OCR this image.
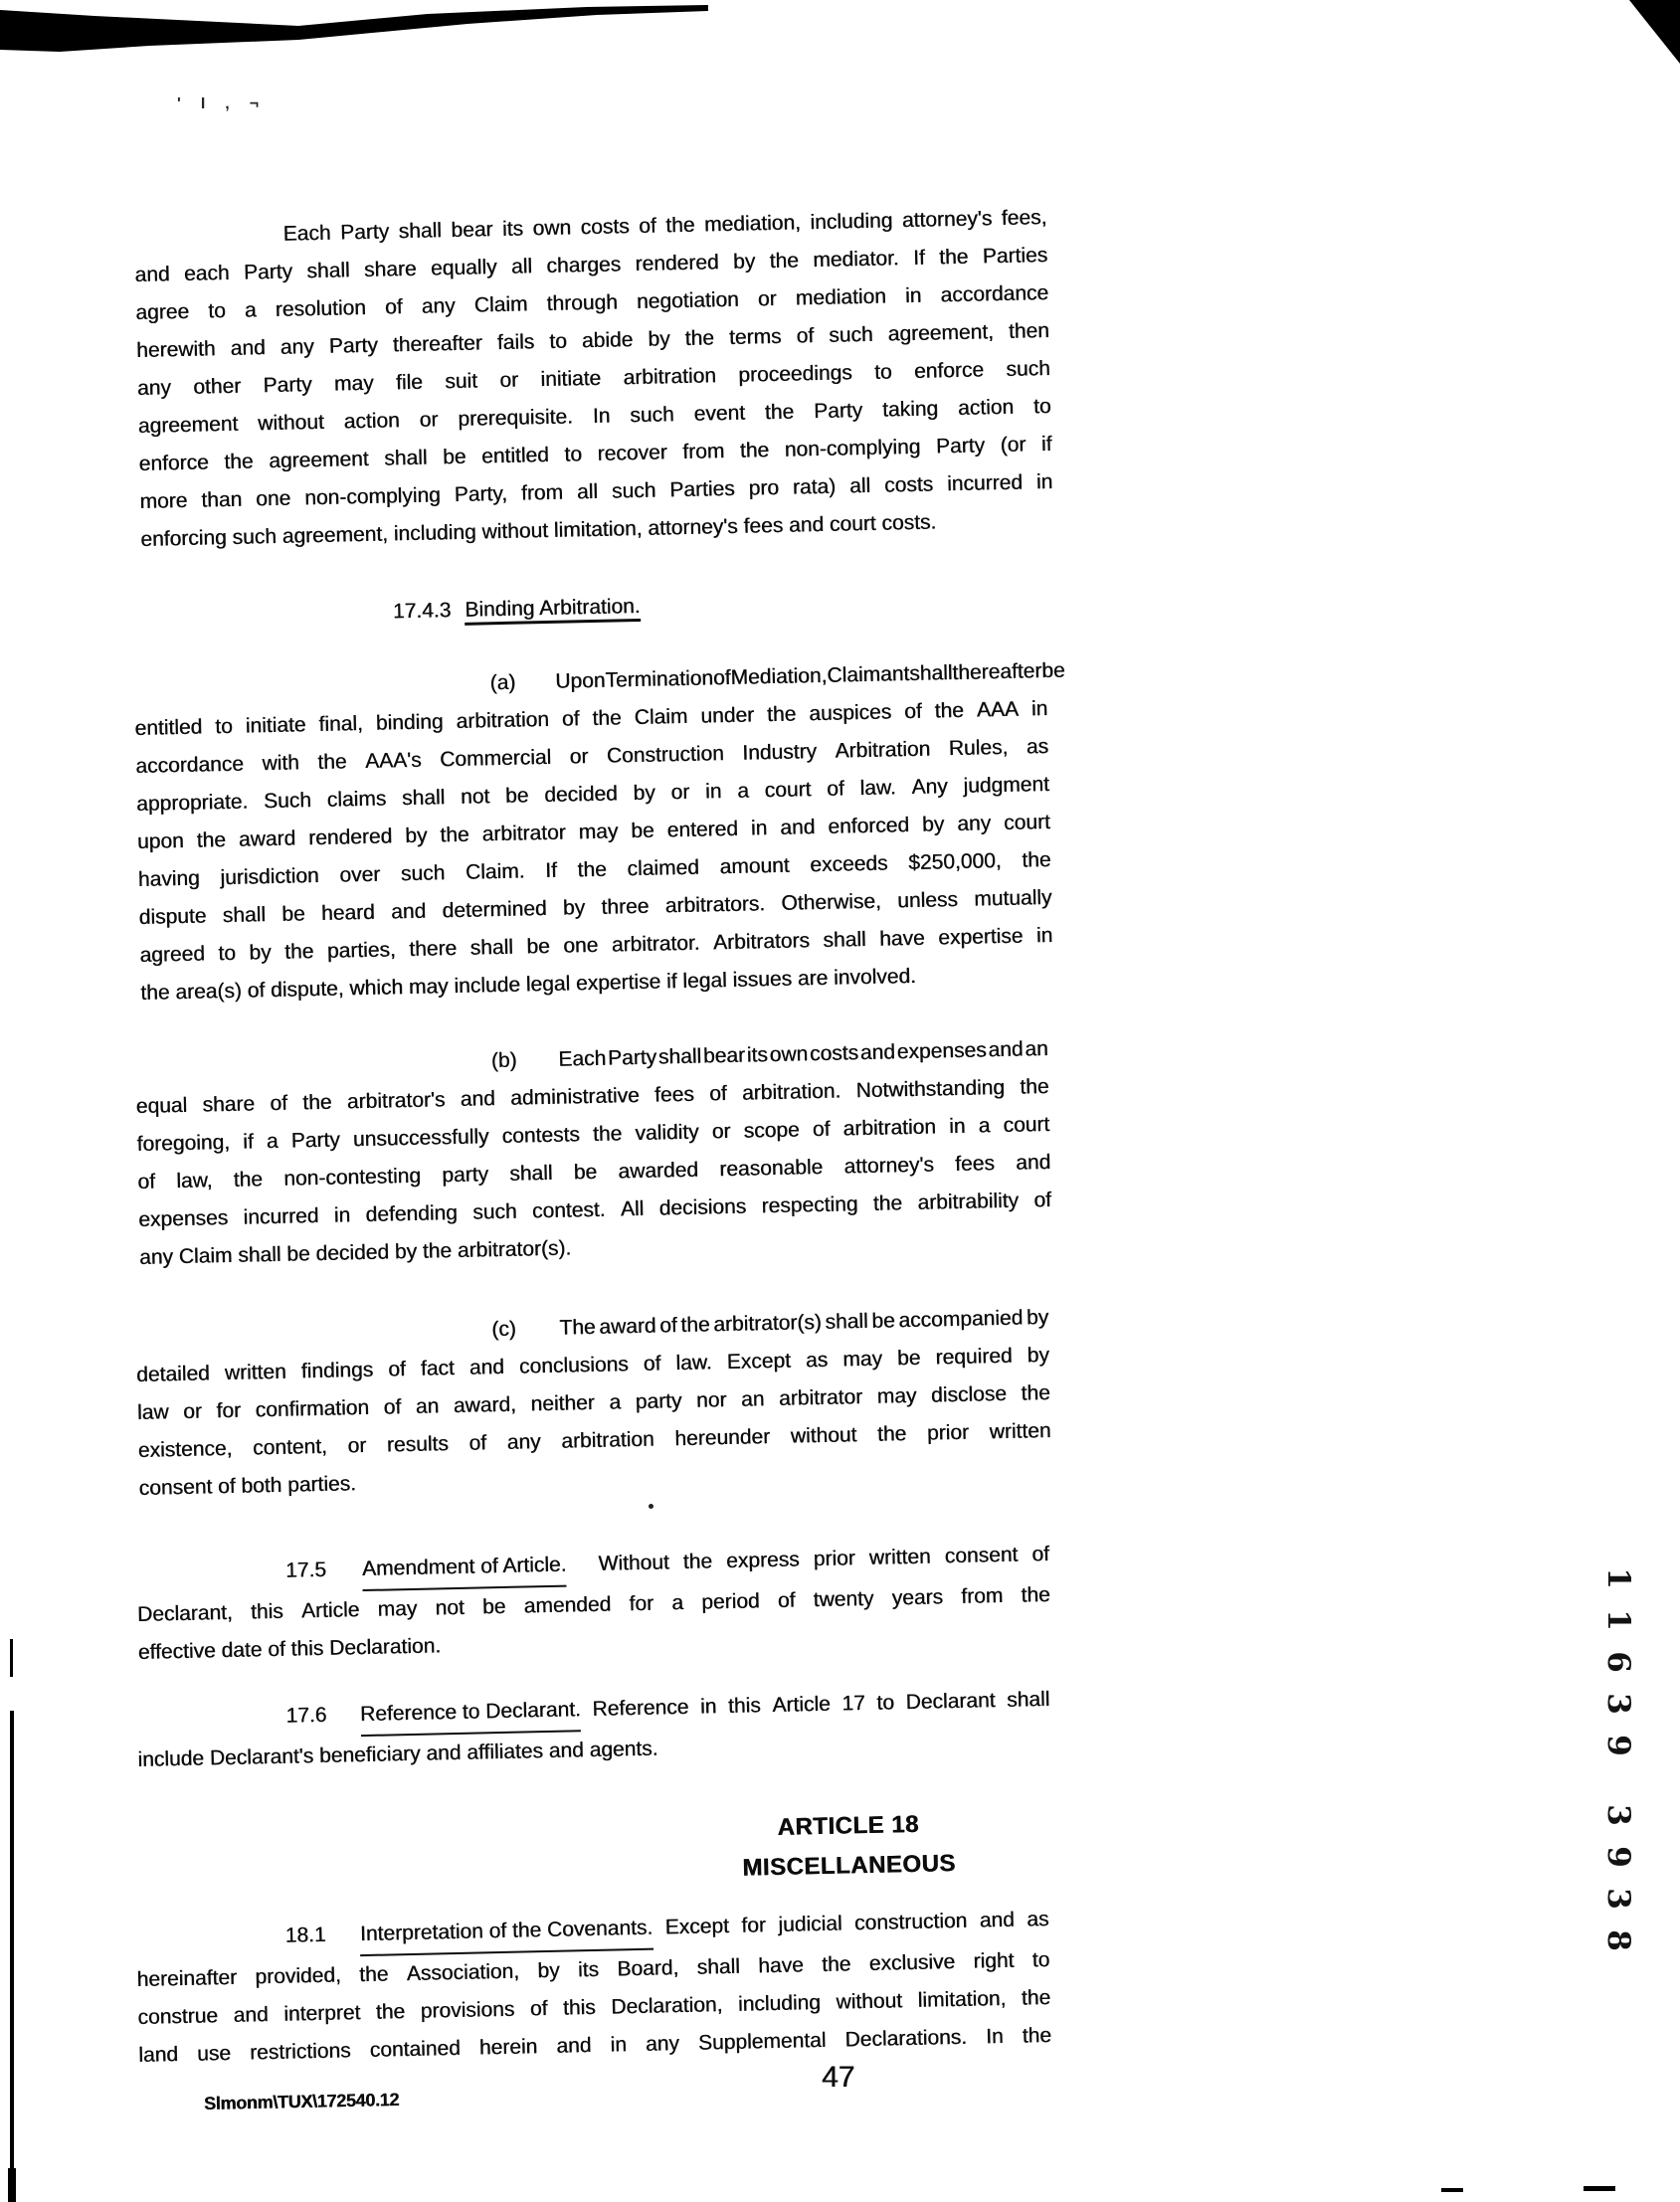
' I , ¬
Each Party shall bear its own costs of the mediation, including attorney's fees,
and each Party shall share equally all charges rendered by the mediator. If the Parties
agree to a resolution of any Claim through negotiation or mediation in accordance
herewith and any Party thereafter fails to abide by the terms of such agreement, then
any other Party may file suit or initiate arbitration proceedings to enforce such
agreement without action or prerequisite. In such event the Party taking action to
enforce the agreement shall be entitled to recover from the non-complying Party (or if
more than one non-complying Party, from all such Parties pro rata) all costs incurred in
enforcing such agreement, including without limitation, attorney's fees and court costs.
17.4.3 Binding Arbitration.
(a) Upon Termination of Mediation, Claimant shall thereafter be
entitled to initiate final, binding arbitration of the Claim under the auspices of the AAA in
accordance with the AAA's Commercial or Construction Industry Arbitration Rules, as
appropriate. Such claims shall not be decided by or in a court of law. Any judgment
upon the award rendered by the arbitrator may be entered in and enforced by any court
having jurisdiction over such Claim. If the claimed amount exceeds $250,000, the
dispute shall be heard and determined by three arbitrators. Otherwise, unless mutually
agreed to by the parties, there shall be one arbitrator. Arbitrators shall have expertise in
the area(s) of dispute, which may include legal expertise if legal issues are involved.
(b) Each Party shall bear its own costs and expenses and an
equal share of the arbitrator's and administrative fees of arbitration. Notwithstanding the
foregoing, if a Party unsuccessfully contests the validity or scope of arbitration in a court
of law, the non-contesting party shall be awarded reasonable attorney's fees and
expenses incurred in defending such contest. All decisions respecting the arbitrability of
any Claim shall be decided by the arbitrator(s).
(c) The award of the arbitrator(s) shall be accompanied by
detailed written findings of fact and conclusions of law. Except as may be required by
law or for confirmation of an award, neither a party nor an arbitrator may disclose the
existence, content, or results of any arbitration hereunder without the prior written
consent of both parties.
17.5 Amendment of Article. Without the express prior written consent of
Declarant, this Article may not be amended for a period of twenty years from the
effective date of this Declaration.
17.6 Reference to Declarant. Reference in this Article 17 to Declarant shall
include Declarant's beneficiary and affiliates and agents.
ARTICLE 18
MISCELLANEOUS
18.1 Interpretation of the Covenants. Except for judicial construction and as
hereinafter provided, the Association, by its Board, shall have the exclusive right to
construe and interpret the provisions of this Declaration, including without limitation, the
land use restrictions contained herein and in any Supplemental Declarations. In the
1
1
6
3
9
3
9
3
8
47
Slmonm\TUX\172540.12
